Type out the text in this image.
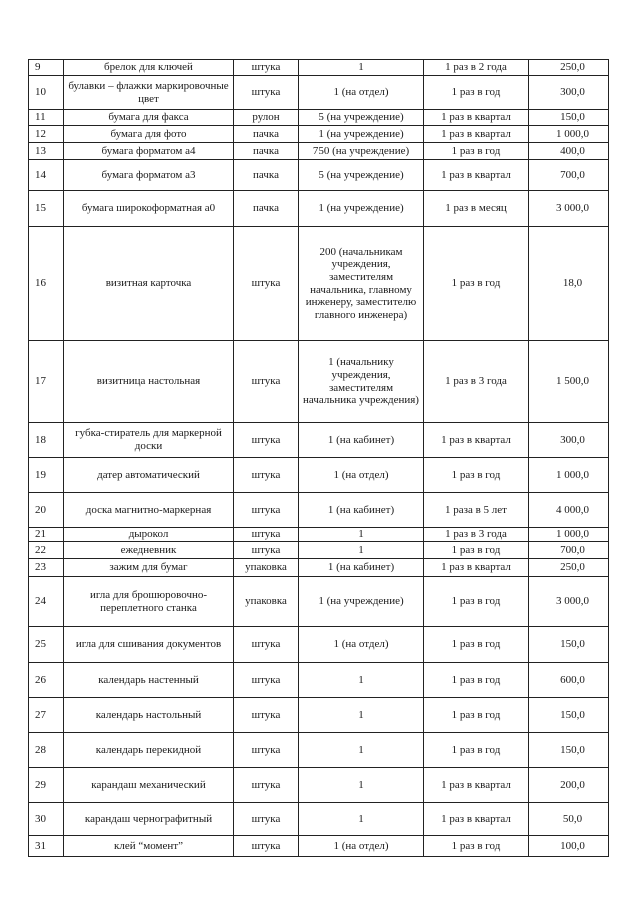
9	брелок для ключей	штука	1	1 раз в 2 года	250,0
10	булавки – флажки маркировочные цвет	штука	1 (на отдел)	1 раз в год	300,0
11	бумага для факса	рулон	5 (на учреждение)	1 раз в квартал	150,0
12	бумага для фото	пачка	1 (на учреждение)	1 раз в квартал	1 000,0
13	бумага форматом а4	пачка	750 (на учреждение)	1 раз в год	400,0
14	бумага форматом а3	пачка	5 (на учреждение)	1 раз в квартал	700,0
15	бумага широкоформатная а0	пачка	1 (на учреждение)	1 раз в месяц	3 000,0
16	визитная карточка	штука	200 (начальникам учреждения, заместителям начальника, главному инженеру, заместителю главного инженера)	1 раз в год	18,0
17	визитница настольная	штука	1 (начальнику учреждения, заместителям начальника учреждения)	1 раз в 3 года	1 500,0
18	губка-стиратель для маркерной доски	штука	1 (на кабинет)	1 раз в квартал	300,0
19	датер автоматический	штука	1 (на отдел)	1 раз в год	1 000,0
20	доска магнитно-маркерная	штука	1 (на кабинет)	1 раза в 5 лет	4 000,0
21	дырокол	штука	1	1 раз в 3 года	1 000,0
22	ежедневник	штука	1	1 раз в год	700,0
23	зажим для бумаг	упаковка	1 (на кабинет)	1 раз в квартал	250,0
24	игла для брошюровочно-переплетного станка	упаковка	1 (на учреждение)	1 раз в год	3 000,0
25	игла для сшивания документов	штука	1 (на отдел)	1 раз в год	150,0
26	календарь настенный	штука	1	1 раз в год	600,0
27	календарь настольный	штука	1	1 раз в год	150,0
28	календарь перекидной	штука	1	1 раз в год	150,0
29	карандаш механический	штука	1	1 раз в квартал	200,0
30	карандаш чернографитный	штука	1	1 раз в квартал	50,0
31	клей “момент”	штука	1 (на отдел)	1 раз в год	100,0
